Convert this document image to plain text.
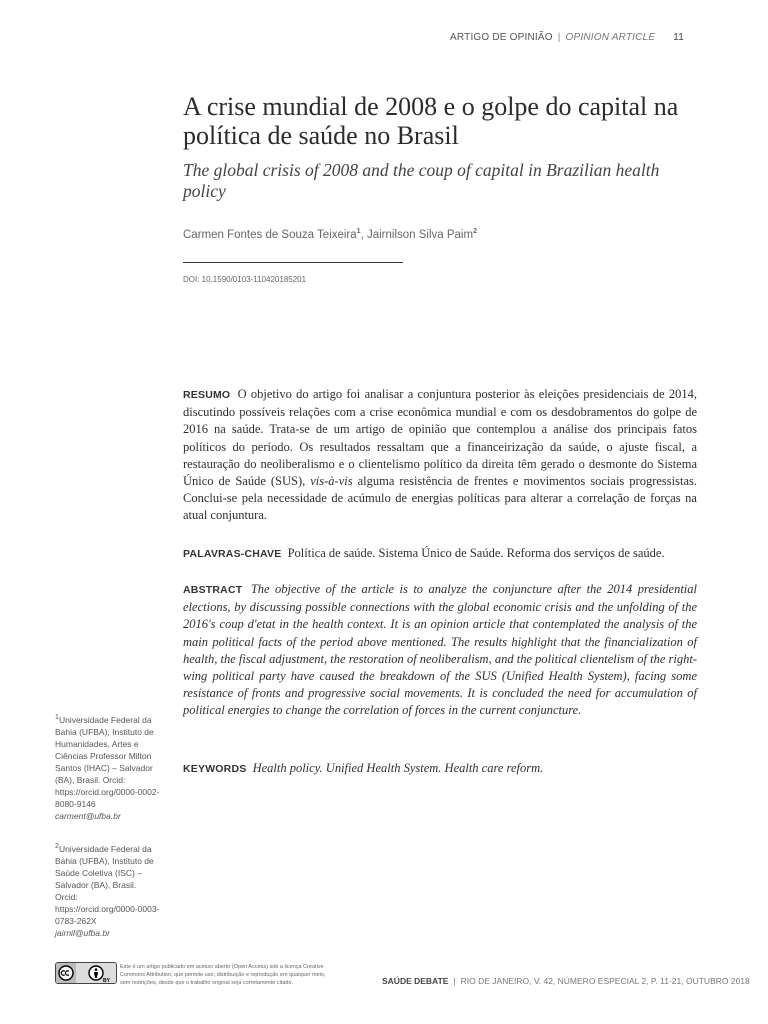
ARTIGO DE OPINIÃO | OPINION ARTICLE 11
A crise mundial de 2008 e o golpe do capital na política de saúde no Brasil

The global crisis of 2008 and the coup of capital in Brazilian health policy

Carmen Fontes de Souza Teixeira$^1$, Jairnilson Silva Paim$^2$
DOI: 10.1590/0103-110420185201

RESUMO O objetivo do artigo foi analisar a conjuntura posterior às eleições presidenciais de 2014, discutindo possíveis relações com a crise econômica mundial e com os desdobramentos do golpe de 2016 na saúde. Trata-se de um artigo de opinião que contemplou a análise dos principais fatos políticos do período. Os resultados ressaltam que a financeirização da saúde, o ajuste fiscal, a restauração do neoliberalismo e o clientelismo político da direita têm gerado o desmonte do Sistema Único de Saúde (SUS), vis-à-vis alguma resistência de frentes e movimentos sociais progressistas. Conclui-se pela necessidade de acúmulo de energias políticas para alterar a correlação de forças na atual conjuntura.

PALAVRAS-CHAVE Política de saúde. Sistema Único de Saúde. Reforma dos serviços de saúde.

ABSTRACT The objective of the article is to analyze the conjuncture after the 2014 presidential elections, by discussing possible connections with the global economic crisis and the unfolding of the 2016's coup d'etat in the health context. It is an opinion article that contemplated the analysis of the main political facts of the period above mentioned. The results highlight that the financialization of health, the fiscal adjustment, the restoration of neoliberalism, and the political clientelism of the right-wing political party have caused the breakdown of the SUS (Unified Health System), facing some resistance of fronts and progressive social movements. It is concluded the need for accumulation of political energies to change the correlation of forces in the current conjuncture.

KEYWORDS Health policy. Unified Health System. Health care reform.

$^1$Universidade Federal da Bahia (UFBA), Instituto de Humanidades, Artes e Ciências Professor Milton Santos (IHAC) – Salvador (BA), Brasil. Orcid: https://orcid.org/0000-0002-8080-9146
carment@ufba.br

$^2$Universidade Federal da Bahia (UFBA), Instituto de Saúde Coletiva (ISC) – Salvador (BA), Brasil. Orcid: https://orcid.org/0000-0003-0783-262X
jairnil@ufba.br

BY

Este é um artigo publicado em acesso aberto (Open Access) sob a licença Creative Commons Attribution, que permite uso, distribuição e reprodução em qualquer meio, sem restrições, desde que o trabalho original seja corretamente citado.	SAÚDE DEBATE | RIO DE JANEIRO, V. 42, NÚMERO ESPECIAL 2, P. 11-21, OUTUBRO 2018
